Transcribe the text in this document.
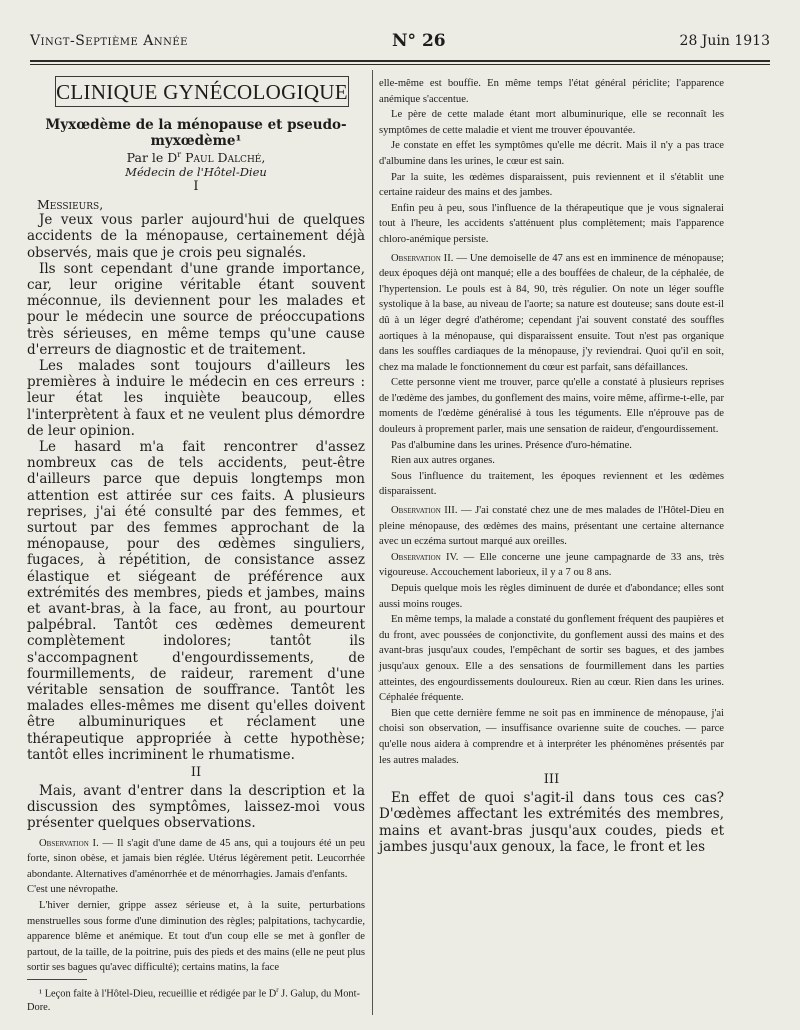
Vingt-Septième Année	N° 26	28 Juin 1913
CLINIQUE GYNÉCOLOGIQUE

Myxœdème de la ménopause et pseudo-myxœdème¹

Par le $D^r$ Paul Dalché,

Médecin de l'Hôtel-Dieu

I

Messieurs,

Je veux vous parler aujourd'hui de quelques accidents de la ménopause, certainement déjà observés, mais que je crois peu signalés.

Ils sont cependant d'une grande importance, car, leur origine véritable étant souvent méconnue, ils deviennent pour les malades et pour le médecin une source de préoccupations très sérieuses, en même temps qu'une cause d'erreurs de diagnostic et de traitement.

Les malades sont toujours d'ailleurs les premières à induire le médecin en ces erreurs : leur état les inquiète beaucoup, elles l'interprètent à faux et ne veulent plus démordre de leur opinion.

Le hasard m'a fait rencontrer d'assez nombreux cas de tels accidents, peut-être d'ailleurs parce que depuis longtemps mon attention est attirée sur ces faits. A plusieurs reprises, j'ai été consulté par des femmes, et surtout par des femmes approchant de la ménopause, pour des œdèmes singuliers, fugaces, à répétition, de consistance assez élastique et siégeant de préférence aux extrémités des membres, pieds et jambes, mains et avant-bras, à la face, au front, au pourtour palpébral. Tantôt ces œdèmes demeurent complètement indolores; tantôt ils s'accompagnent d'engourdissements, de fourmillements, de raideur, rarement d'une véritable sensation de souffrance. Tantôt les malades elles-mêmes me disent qu'elles doivent être albuminuriques et réclament une thérapeutique appropriée à cette hypothèse; tantôt elles incriminent le rhumatisme.

II

Mais, avant d'entrer dans la description et la discussion des symptômes, laissez-moi vous présenter quelques observations.

Observation I. — Il s'agit d'une dame de 45 ans, qui a toujours été un peu forte, sinon obèse, et jamais bien réglée. Utérus légèrement petit. Leucorrhée abondante. Alternatives d'aménorrhée et de ménorrhagies. Jamais d'enfants.

C'est une névropathe.

L'hiver dernier, grippe assez sérieuse et, à la suite, perturbations menstruelles sous forme d'une diminution des règles; palpitations, tachycardie, apparence blême et anémique. Et tout d'un coup elle se met à gonfler de partout, de la taille, de la poitrine, puis des pieds et des mains (elle ne peut plus sortir ses bagues qu'avec difficulté); certains matins, la face

¹ Leçon faite à l'Hôtel-Dieu, recueillie et rédigée par le $D^r$ J. Galup, du Mont-Dore.

elle-même est bouffie. En même temps l'état général périclite; l'apparence anémique s'accentue.

Le père de cette malade étant mort albuminurique, elle se reconnaît les symptômes de cette maladie et vient me trouver épouvantée.

Je constate en effet les symptômes qu'elle me décrit. Mais il n'y a pas trace d'albumine dans les urines, le cœur est sain.

Par la suite, les œdèmes disparaissent, puis reviennent et il s'établit une certaine raideur des mains et des jambes.

Enfin peu à peu, sous l'influence de la thérapeutique que je vous signalerai tout à l'heure, les accidents s'atténuent plus complètement; mais l'apparence chloro-anémique persiste.

Observation II. — Une demoiselle de 47 ans est en imminence de ménopause; deux époques déjà ont manqué; elle a des bouffées de chaleur, de la céphalée, de l'hypertension. Le pouls est à 84, 90, très régulier. On note un léger souffle systolique à la base, au niveau de l'aorte; sa nature est douteuse; sans doute est-il dû à un léger degré d'athérome; cependant j'ai souvent constaté des souffles aortiques à la ménopause, qui disparaissent ensuite. Tout n'est pas organique dans les souffles cardiaques de la ménopause, j'y reviendrai. Quoi qu'il en soit, chez ma malade le fonctionnement du cœur est parfait, sans défaillances.

Cette personne vient me trouver, parce qu'elle a constaté à plusieurs reprises de l'œdème des jambes, du gonflement des mains, voire même, affirme-t-elle, par moments de l'œdème généralisé à tous les téguments. Elle n'éprouve pas de douleurs à proprement parler, mais une sensation de raideur, d'engourdissement.

Pas d'albumine dans les urines. Présence d'uro-hématine.

Rien aux autres organes.

Sous l'influence du traitement, les époques reviennent et les œdèmes disparaissent.

Observation III. — J'ai constaté chez une de mes malades de l'Hôtel-Dieu en pleine ménopause, des œdèmes des mains, présentant une certaine alternance avec un eczéma surtout marqué aux oreilles.

Observation IV. — Elle concerne une jeune campagnarde de 33 ans, très vigoureuse. Accouchement laborieux, il y a 7 ou 8 ans.

Depuis quelque mois les règles diminuent de durée et d'abondance; elles sont aussi moins rouges.

En même temps, la malade a constaté du gonflement fréquent des paupières et du front, avec poussées de conjonctivite, du gonflement aussi des mains et des avant-bras jusqu'aux coudes, l'empêchant de sortir ses bagues, et des jambes jusqu'aux genoux. Elle a des sensations de fourmillement dans les parties atteintes, des engourdissements douloureux. Rien au cœur. Rien dans les urines. Céphalée fréquente.

Bien que cette dernière femme ne soit pas en imminence de ménopause, j'ai choisi son observation, — insuffisance ovarienne suite de couches. — parce qu'elle nous aidera à comprendre et à interpréter les phénomènes présentés par les autres malades.

III

En effet de quoi s'agit-il dans tous ces cas? D'œdèmes affectant les extrémités des membres, mains et avant-bras jusqu'aux coudes, pieds et jambes jusqu'aux genoux, la face, le front et les
